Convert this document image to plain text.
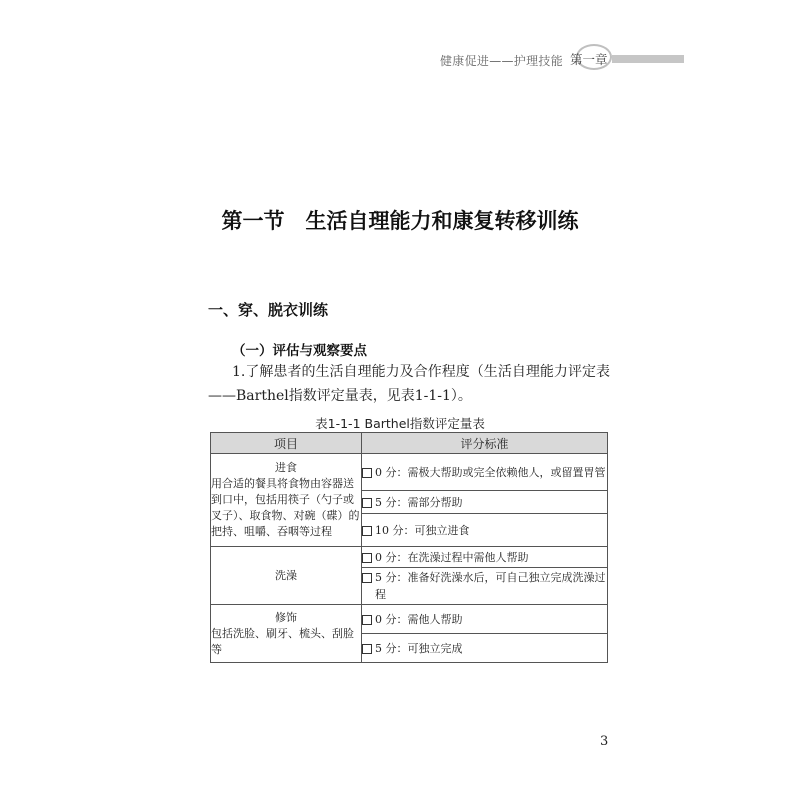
健康促进——护理技能 第一章
第一节　生活自理能力和康复转移训练
一、穿、脱衣训练
（一）评估与观察要点
1.了解患者的生活自理能力及合作程度（生活自理能力评定表——Barthel指数评定量表，见表1-1-1）。
表1-1-1 Barthel指数评定量表
项目	评分标准

进食
用合适的餐具将食物由容器送到口中，包括用筷子（勺子或叉子）、取食物、对碗（碟）的把持、咀嚼、吞咽等过程	0 分：需极大帮助或完全依赖他人，或留置胃管

	5 分：需部分帮助

	10 分：可独立进食

洗澡	0 分：在洗澡过程中需他人帮助

	5 分：准备好洗澡水后，可自己独立完成洗澡过程

修饰
包括洗脸、刷牙、梳头、刮脸等	0 分：需他人帮助

	5 分：可独立完成
3
